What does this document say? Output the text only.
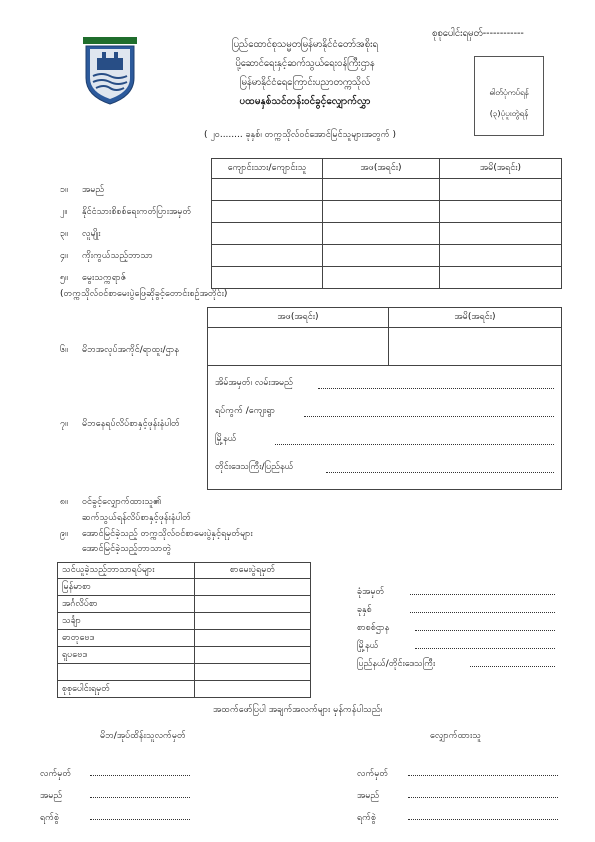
စုစုပေါင်းရမှတ်------------
ပြည်ထောင်စုသမ္မတမြန်မာနိုင်ငံတော်အစိုးရ
ပို့ဆောင်ရေးနှင့်ဆက်သွယ်ရေးဝန်ကြီးဌာန
မြန်မာနိုင်ငံရေကြောင်းပညာတက္ကသိုလ်
ပထမနှစ်သင်တန်းဝင်ခွင့်လျှောက်လွှာ
( ၂၀........ ခုနှစ်၊ တက္ကသိုလ်ဝင်အောင်မြင်သူများအတွက် )
ဓါတ်ပုံကပ်ရန်
(၃)ပုံပူးတွဲရန်
၁။ အမည်
၂။ နိုင်ငံသားစိစစ်ရေးကတ်ပြားအမှတ်
၃။ လူမျိုး
၄။ ကိုးကွယ်သည့်ဘာသာ
၅။ မွေးသက္ကရာဇ်
(တက္ကသိုလ်ဝင်စာမေးပွဲဖြေဆိုခွင့်တောင်းစဉ်အတိုင်း)
ကျောင်းသား/ကျောင်းသူ	အဖ(အရင်း)	အမိ(အရင်း)

အဖ(အရင်း)	အမိ(အရင်း)

၆။ မိဘအလုပ်အကိုင်/ရာထူး/ဌာန
၇။ မိဘနေရပ်လိပ်စာနှင့်ဖုန်းနံပါတ်
အိမ်အမှတ်၊ လမ်းအမည်
ရပ်ကွက် /ကျေးရွာ
မြို့နယ်
တိုင်းဒေသကြီး/ပြည်နယ်
၈။ ဝင်ခွင့်လျှောက်ထားသူ၏
ဆက်သွယ်ရန်လိပ်စာနှင့်ဖုန်းနံပါတ်
၉။ အောင်မြင်ခဲ့သည့် တက္ကသိုလ်ဝင်စာမေးပွဲနှင့်ရမှတ်များ
အောင်မြင်ခဲ့သည့်ဘာသာတွဲ
သင်ယူခဲ့သည့်ဘာသာရပ်များ	စာမေးပွဲရမှတ်
မြန်မာစာ	
အင်္ဂလိပ်စာ	
သင်္ချာ	
ဓာတုဗေဒ	
ရူပဗေဒ	

စုစုပေါင်းရမှတ်	
ခုံအမှတ်
ခုနှစ်
စာစစ်ဌာန
မြို့နယ်
ပြည်နယ်/တိုင်းဒေသကြီး
အထက်ဖော်ပြပါ အချက်အလက်များ မှန်ကန်ပါသည်၊
မိဘ/အုပ်ထိန်းသူလက်မှတ်	လျှောက်ထားသူ
လက်မှတ်
အမည်
ရက်စွဲ
လက်မှတ်
အမည်
ရက်စွဲ
